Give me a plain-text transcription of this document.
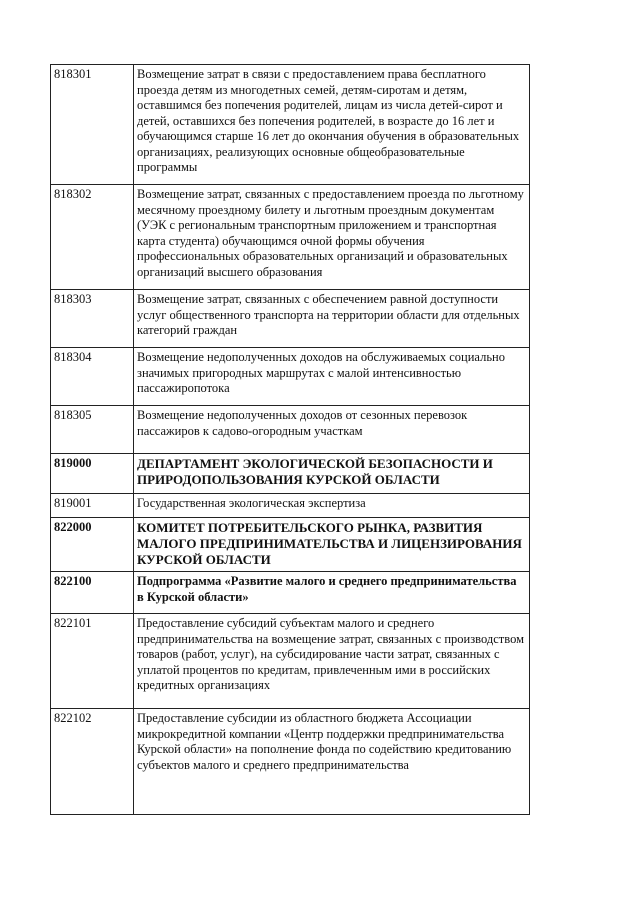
818301	Возмещение затрат в связи с предоставлением права бесплатного проезда детям из многодетных семей, детям-сиротам и детям, оставшимся без попечения родителей, лицам из числа детей-сирот и детей, оставшихся без попечения родителей, в возрасте до 16 лет и обучающимся старше 16 лет до окончания обучения в образовательных организациях, реализующих основные общеобразовательные программы
818302	Возмещение затрат, связанных с предоставлением проезда по льготному месячному проездному билету и льготным проездным документам (УЭК с региональным транспортным приложением и транспортная карта студента) обучающимся очной формы обучения профессиональных образовательных организаций и образовательных организаций высшего образования
818303	Возмещение затрат, связанных с обеспечением равной доступности услуг общественного транспорта на территории области для отдельных категорий граждан
818304	Возмещение недополученных доходов на обслуживаемых социально значимых пригородных маршрутах с малой интенсивностью пассажиропотока
818305	Возмещение недополученных доходов от сезонных перевозок пассажиров к садово-огородным участкам
819000	ДЕПАРТАМЕНТ ЭКОЛОГИЧЕСКОЙ БЕЗОПАСНОСТИ И ПРИРОДОПОЛЬЗОВАНИЯ КУРСКОЙ ОБЛАСТИ
819001	Государственная экологическая экспертиза
822000	КОМИТЕТ ПОТРЕБИТЕЛЬСКОГО РЫНКА, РАЗВИТИЯ МАЛОГО ПРЕДПРИНИМАТЕЛЬСТВА И ЛИЦЕНЗИРОВАНИЯ КУРСКОЙ ОБЛАСТИ
822100	Подпрограмма «Развитие малого и среднего предпринимательства в Курской области»
822101	Предоставление субсидий субъектам малого и среднего предпринимательства на возмещение затрат, связанных с производством товаров (работ, услуг), на субсидирование части затрат, связанных с уплатой процентов по кредитам, привлеченным ими в российских кредитных организациях
822102	Предоставление субсидии из областного бюджета Ассоциации микрокредитной компании «Центр поддержки предпринимательства Курской области» на пополнение фонда по содействию кредитованию субъектов малого и среднего предпринимательства
